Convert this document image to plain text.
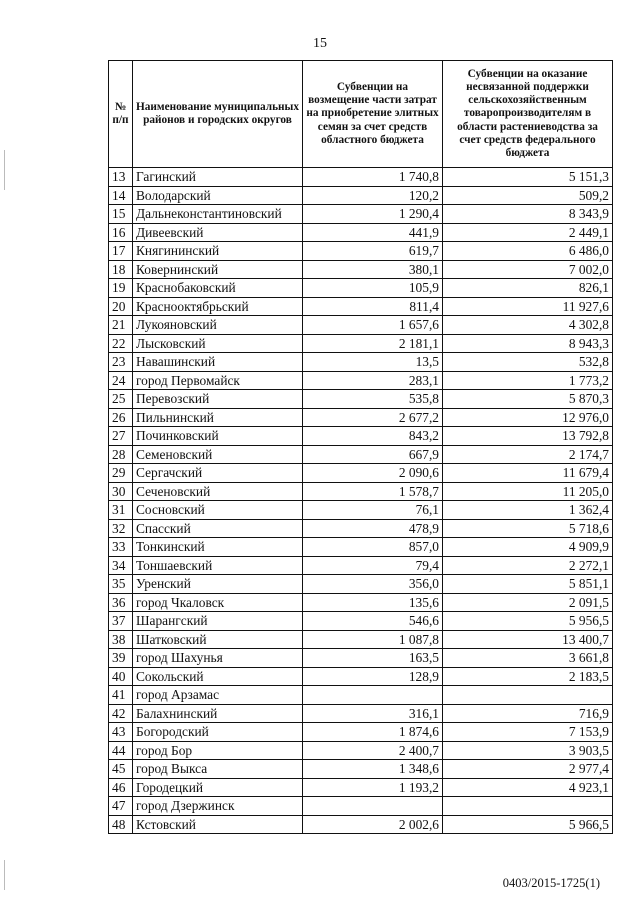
15
№ п/п	Наименование муниципальных районов и городских округов	Субвенции на возмещение части затрат на приобретение элитных семян за счет средств областного бюджета	Субвенции на оказание несвязанной поддержки сельскохозяйственным товаропроизводителям в области растениеводства за счет средств федерального бюджета
13	Гагинский	1 740,8	5 151,3
14	Володарский	120,2	509,2
15	Дальнеконстантиновский	1 290,4	8 343,9
16	Дивеевский	441,9	2 449,1
17	Княгининский	619,7	6 486,0
18	Ковернинский	380,1	7 002,0
19	Краснобаковский	105,9	826,1
20	Краснооктябрьский	811,4	11 927,6
21	Лукояновский	1 657,6	4 302,8
22	Лысковский	2 181,1	8 943,3
23	Навашинский	13,5	532,8
24	город Первомайск	283,1	1 773,2
25	Перевозский	535,8	5 870,3
26	Пильнинский	2 677,2	12 976,0
27	Починковский	843,2	13 792,8
28	Семеновский	667,9	2 174,7
29	Сергачский	2 090,6	11 679,4
30	Сеченовский	1 578,7	11 205,0
31	Сосновский	76,1	1 362,4
32	Спасский	478,9	5 718,6
33	Тонкинский	857,0	4 909,9
34	Тоншаевский	79,4	2 272,1
35	Уренский	356,0	5 851,1
36	город Чкаловск	135,6	2 091,5
37	Шарангский	546,6	5 956,5
38	Шатковский	1 087,8	13 400,7
39	город Шахунья	163,5	3 661,8
40	Сокольский	128,9	2 183,5
41	город Арзамас		
42	Балахнинский	316,1	716,9
43	Богородский	1 874,6	7 153,9
44	город Бор	2 400,7	3 903,5
45	город Выкса	1 348,6	2 977,4
46	Городецкий	1 193,2	4 923,1
47	город Дзержинск		
48	Кстовский	2 002,6	5 966,5
0403/2015-1725(1)
